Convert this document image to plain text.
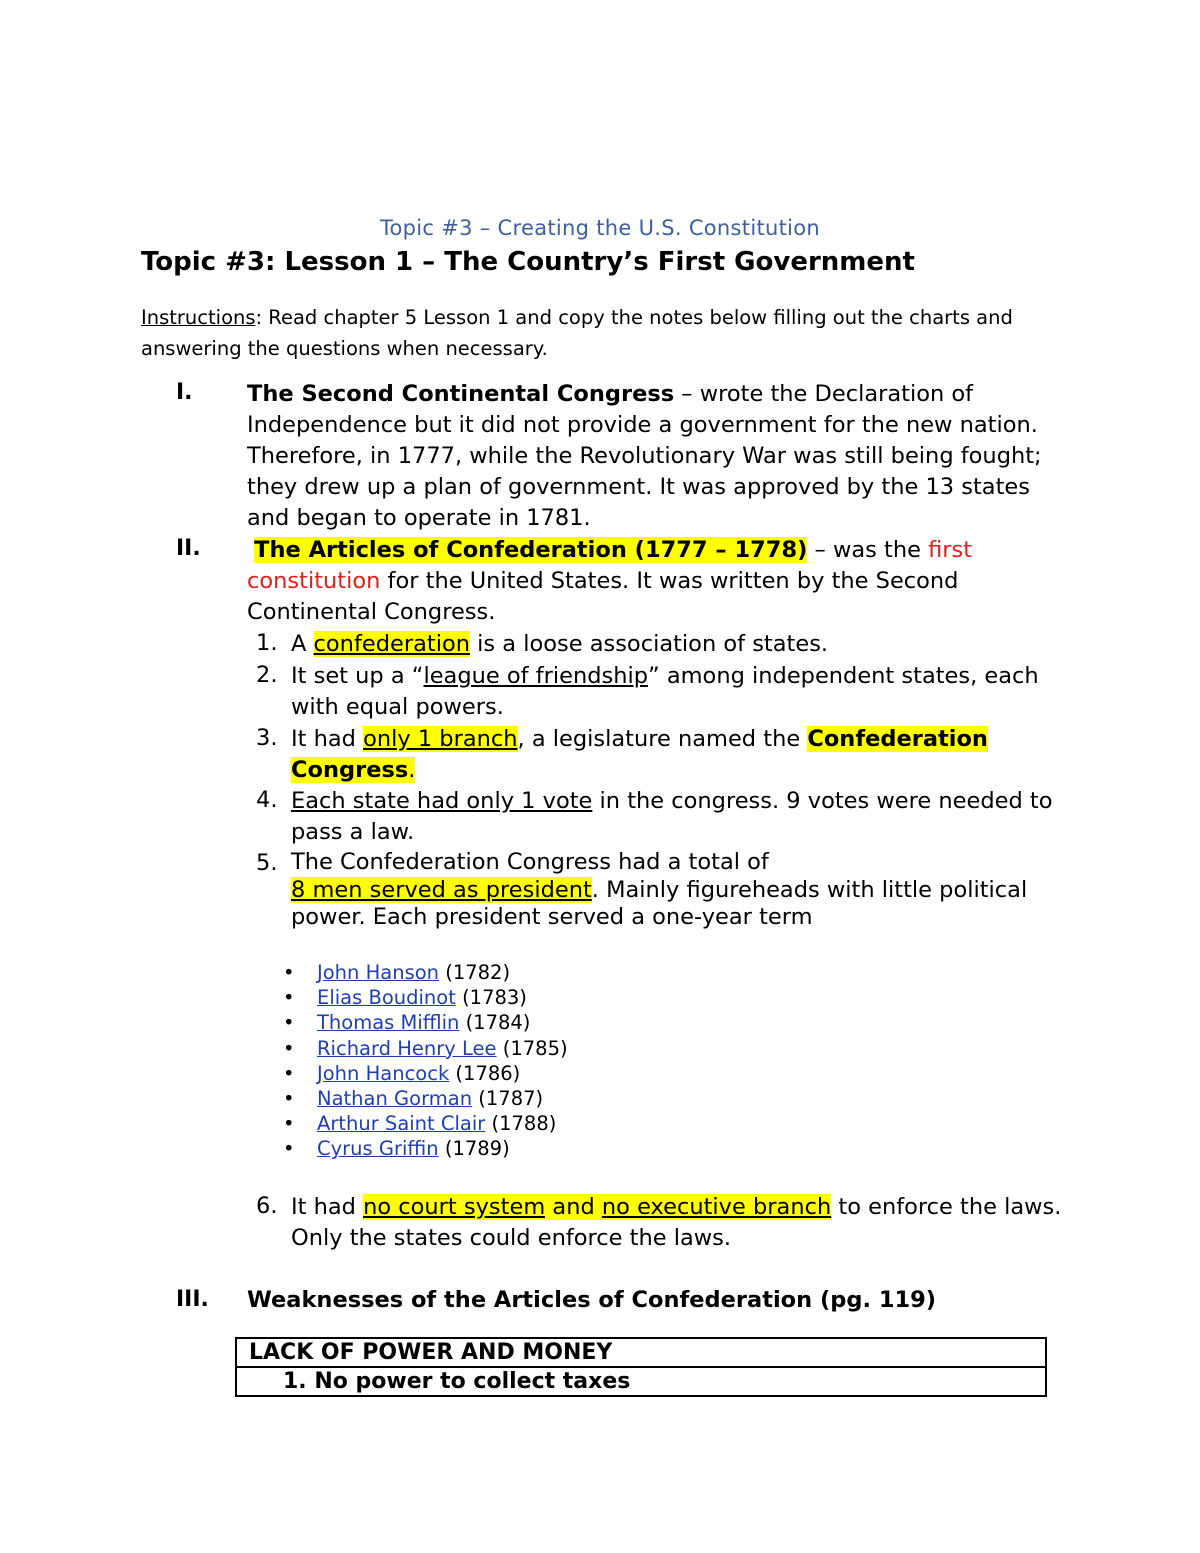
Topic #3 – Creating the U.S. Constitution
Topic #3: Lesson 1 – The Country’s First Government
Instructions: Read chapter 5 Lesson 1 and copy the notes below filling out the charts and answering the questions when necessary.
I. The Second Continental Congress – wrote the Declaration of Independence but it did not provide a government for the new nation. Therefore, in 1777, while the Revolutionary War was still being fought; they drew up a plan of government. It was approved by the 13 states and began to operate in 1781.
II.	The Articles of Confederation (1777 – 1778) – was the first constitution for the United States. It was written by the Second Continental Congress.
1. A confederation is a loose association of states.
2. It set up a “league of friendship” among independent states, each with equal powers.
3. It had only 1 branch, a legislature named the Confederation Congress.
4. Each state had only 1 vote in the congress. 9 votes were needed to pass a law.
5. The Confederation Congress had a total of
8 men served as president. Mainly figureheads with little political power. Each president served a one-year term
• John Hanson (1782)
• Elias Boudinot (1783)
• Thomas Mifflin (1784)
• Richard Henry Lee (1785)
• John Hancock (1786)
• Nathan Gorman (1787)
• Arthur Saint Clair (1788)
• Cyrus Griffin (1789)
6. It had no court system and no executive branch to enforce the laws. Only the states could enforce the laws.
III. Weaknesses of the Articles of Confederation (pg. 119)
LACK OF POWER AND MONEY
1. No power to collect taxes
